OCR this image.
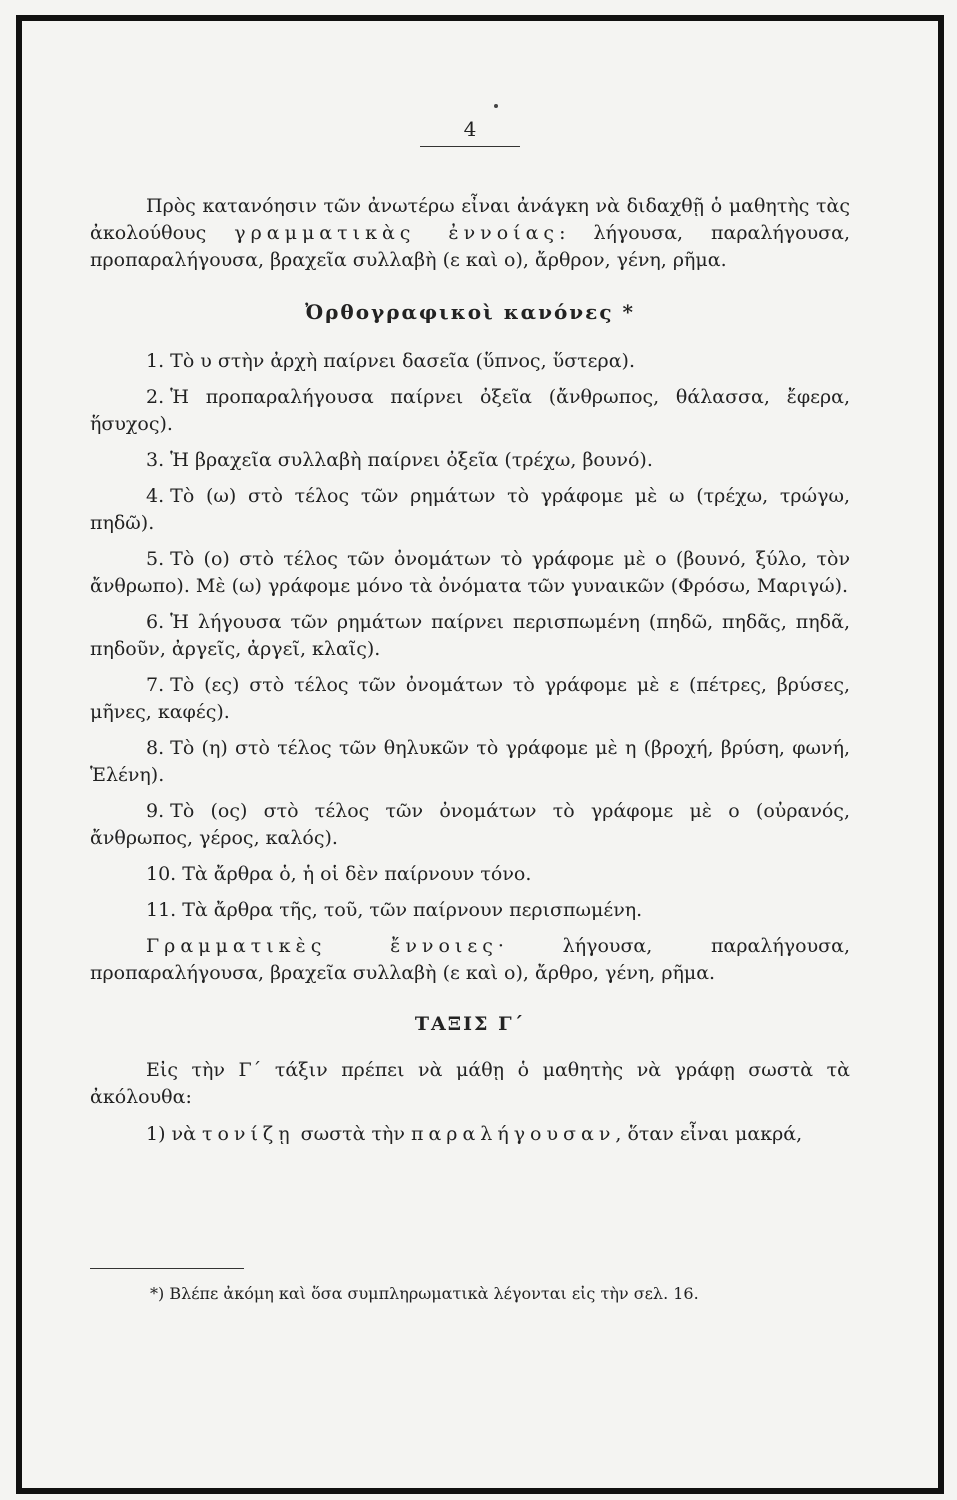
4

Πρὸς κατανόησιν τῶν ἀνωτέρω εἶναι ἀνάγκη νὰ διδαχθῇ ὁ μαθητὴς τὰς ἀκολούθους γραμματικὰς ἐννοίας: λήγουσα, παραλήγουσα, προπαραλήγουσα, βραχεῖα συλλαβὴ (ε καὶ ο), ἄρθρον, γένη, ρῆμα.

Ὀρθογραφικοὶ κανόνες *

1. Τὸ υ στὴν ἀρχὴ παίρνει δασεῖα (ὕπνος, ὕστερα).

2. Ἡ προπαραλήγουσα παίρνει ὀξεῖα (ἄνθρωπος, θάλασσα, ἔφερα, ἥσυχος).

3. Ἡ βραχεῖα συλλαβὴ παίρνει ὀξεῖα (τρέχω, βουνό).

4. Τὸ (ω) στὸ τέλος τῶν ρημάτων τὸ γράφομε μὲ ω (τρέχω, τρώγω, πηδῶ).

5. Τὸ (ο) στὸ τέλος τῶν ὀνομάτων τὸ γράφομε μὲ ο (βουνό, ξύλο, τὸν ἄνθρωπο). Μὲ (ω) γράφομε μόνο τὰ ὀνόματα τῶν γυναικῶν (Φρόσω, Μαριγώ).

6. Ἡ λήγουσα τῶν ρημάτων παίρνει περισπωμένη (πηδῶ, πηδᾶς, πηδᾶ, πηδοῦν, ἀργεῖς, ἀργεῖ, κλαῖς).

7. Τὸ (ες) στὸ τέλος τῶν ὀνομάτων τὸ γράφομε μὲ ε (πέτρες, βρύσες, μῆνες, καφές).

8. Τὸ (η) στὸ τέλος τῶν θηλυκῶν τὸ γράφομε μὲ η (βροχή, βρύση, φωνή, Ἑλένη).

9. Τὸ (ος) στὸ τέλος τῶν ὀνομάτων τὸ γράφομε μὲ ο (οὐρανός, ἄνθρωπος, γέρος, καλός).

10. Τὰ ἄρθρα ὁ, ἡ οἱ δὲν παίρνουν τόνο.

11. Τὰ ἄρθρα τῆς, τοῦ, τῶν παίρνουν περισπωμένη.

Γραμματικὲς ἔννοιες· λήγουσα, παραλήγουσα, προπαραλήγουσα, βραχεῖα συλλαβὴ (ε καὶ ο), ἄρθρο, γένη, ρῆμα.

ΤΑΞΙΣ Γ΄

Εἰς τὴν Γ΄ τάξιν πρέπει νὰ μάθῃ ὁ μαθητὴς νὰ γράφῃ σωστὰ τὰ ἀκόλουθα:

1) νὰ τονίζῃ σωστὰ τὴν παραλήγουσαν, ὅταν εἶναι μακρά,

*) Βλέπε ἀκόμη καὶ ὅσα συμπληρωματικὰ λέγονται εἰς τὴν σελ. 16.
